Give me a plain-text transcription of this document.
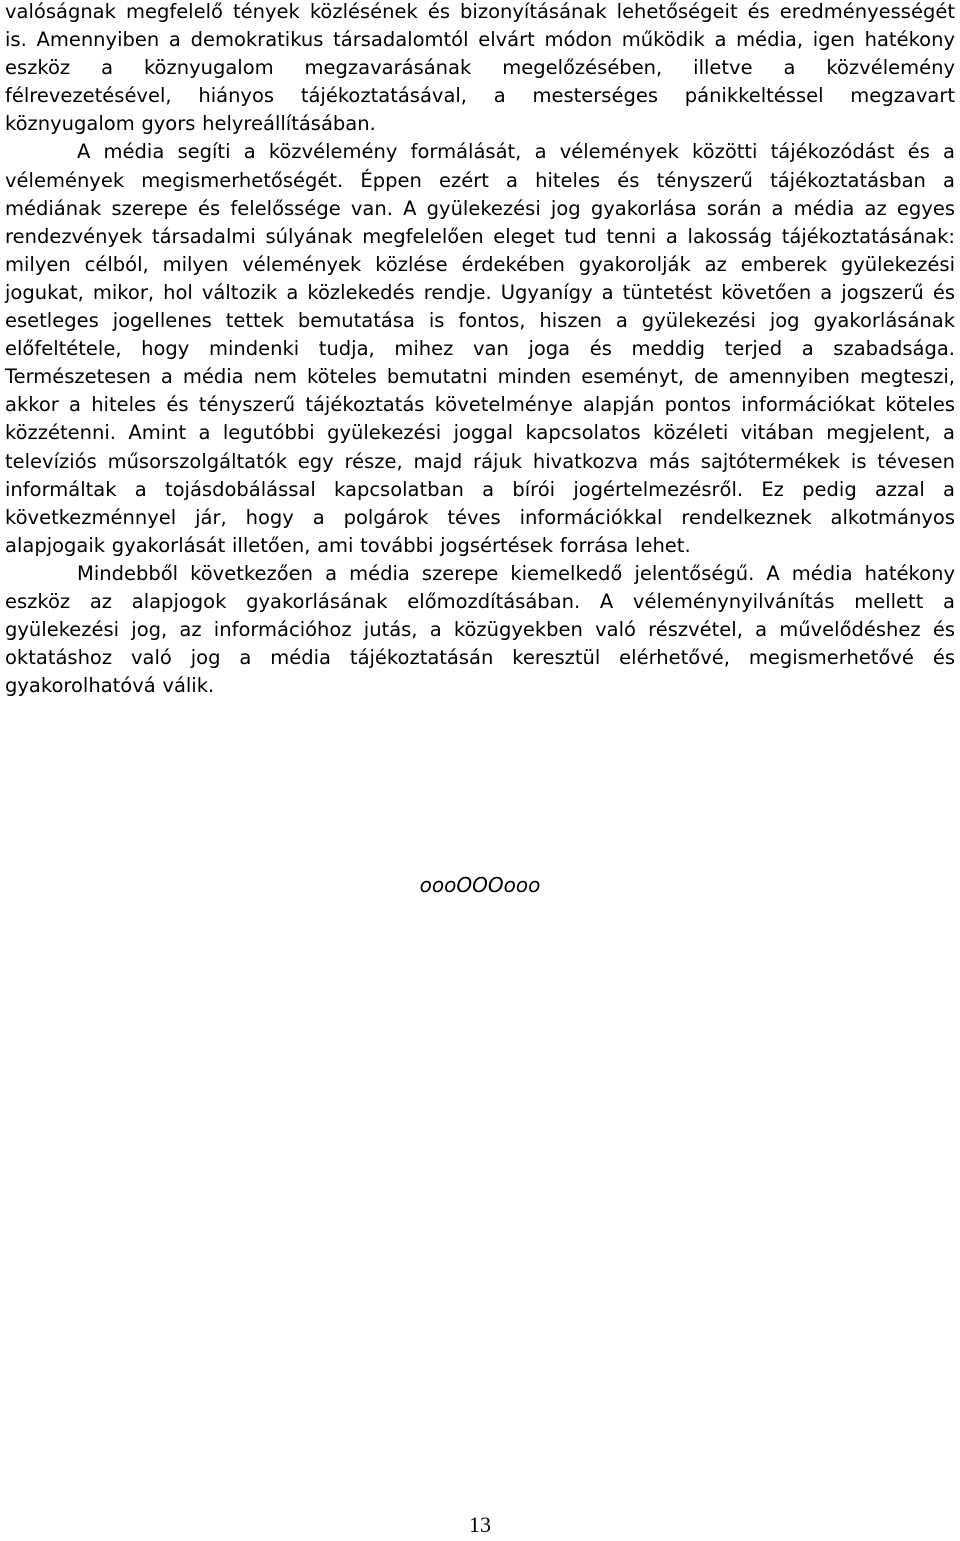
valóságnak megfelelő tények közlésének és bizonyításának lehetőségeit és eredményességét is. Amennyiben a demokratikus társadalomtól elvárt módon működik a média, igen hatékony eszköz a köznyugalom megzavarásának megelőzésében, illetve a közvélemény félrevezetésével, hiányos tájékoztatásával, a mesterséges pánikkeltéssel megzavart köznyugalom gyors helyreállításában.

A média segíti a közvélemény formálását, a vélemények közötti tájékozódást és a vélemények megismerhetőségét. Éppen ezért a hiteles és tényszerű tájékoztatásban a médiának szerepe és felelőssége van. A gyülekezési jog gyakorlása során a média az egyes rendezvények társadalmi súlyának megfelelően eleget tud tenni a lakosság tájékoztatásának: milyen célból, milyen vélemények közlése érdekében gyakorolják az emberek gyülekezési jogukat, mikor, hol változik a közlekedés rendje. Ugyanígy a tüntetést követően a jogszerű és esetleges jogellenes tettek bemutatása is fontos, hiszen a gyülekezési jog gyakorlásának előfeltétele, hogy mindenki tudja, mihez van joga és meddig terjed a szabadsága. Természetesen a média nem köteles bemutatni minden eseményt, de amennyiben megteszi, akkor a hiteles és tényszerű tájékoztatás követelménye alapján pontos információkat köteles közzétenni. Amint a legutóbbi gyülekezési joggal kapcsolatos közéleti vitában megjelent, a televíziós műsorszolgáltatók egy része, majd rájuk hivatkozva más sajtótermékek is tévesen informáltak a tojásdobálással kapcsolatban a bírói jogértelmezésről. Ez pedig azzal a következménnyel jár, hogy a polgárok téves információkkal rendelkeznek alkotmányos alapjogaik gyakorlását illetően, ami további jogsértések forrása lehet.

Mindebből következően a média szerepe kiemelkedő jelentőségű. A média hatékony eszköz az alapjogok gyakorlásának előmozdításában. A véleménynyilvánítás mellett a gyülekezési jog, az információhoz jutás, a közügyekben való részvétel, a művelődéshez és oktatáshoz való jog a média tájékoztatásán keresztül elérhetővé, megismerhetővé és gyakorolhatóvá válik.

oooOOOooo
13
